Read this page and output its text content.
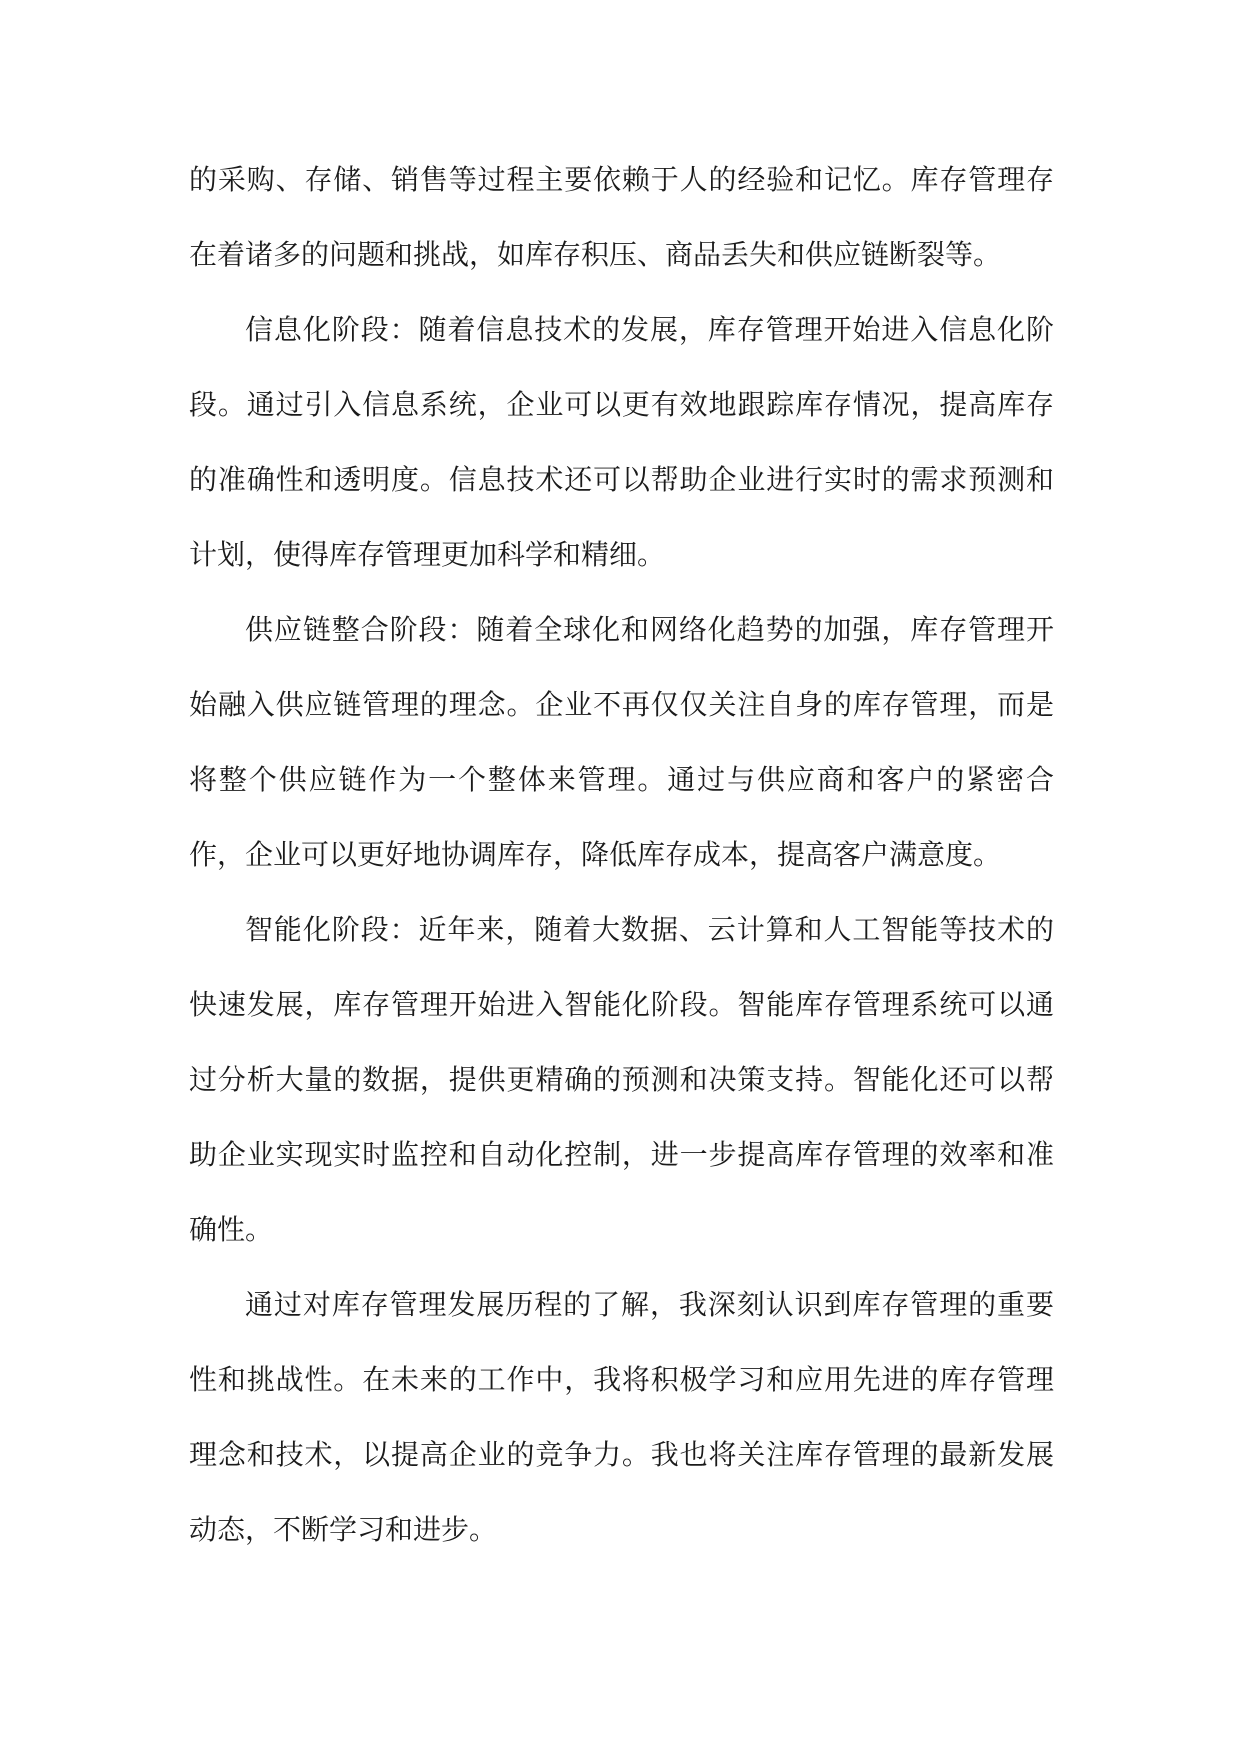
的采购、存储、销售等过程主要依赖于人的经验和记忆。库存管理存在着诸多的问题和挑战，如库存积压、商品丢失和供应链断裂等。

信息化阶段：随着信息技术的发展，库存管理开始进入信息化阶段。通过引入信息系统，企业可以更有效地跟踪库存情况，提高库存的准确性和透明度。信息技术还可以帮助企业进行实时的需求预测和计划，使得库存管理更加科学和精细。

供应链整合阶段：随着全球化和网络化趋势的加强，库存管理开始融入供应链管理的理念。企业不再仅仅关注自身的库存管理，而是将整个供应链作为一个整体来管理。通过与供应商和客户的紧密合作，企业可以更好地协调库存，降低库存成本，提高客户满意度。

智能化阶段：近年来，随着大数据、云计算和人工智能等技术的快速发展，库存管理开始进入智能化阶段。智能库存管理系统可以通过分析大量的数据，提供更精确的预测和决策支持。智能化还可以帮助企业实现实时监控和自动化控制，进一步提高库存管理的效率和准确性。

通过对库存管理发展历程的了解，我深刻认识到库存管理的重要性和挑战性。在未来的工作中，我将积极学习和应用先进的库存管理理念和技术，以提高企业的竞争力。我也将关注库存管理的最新发展动态，不断学习和进步。
